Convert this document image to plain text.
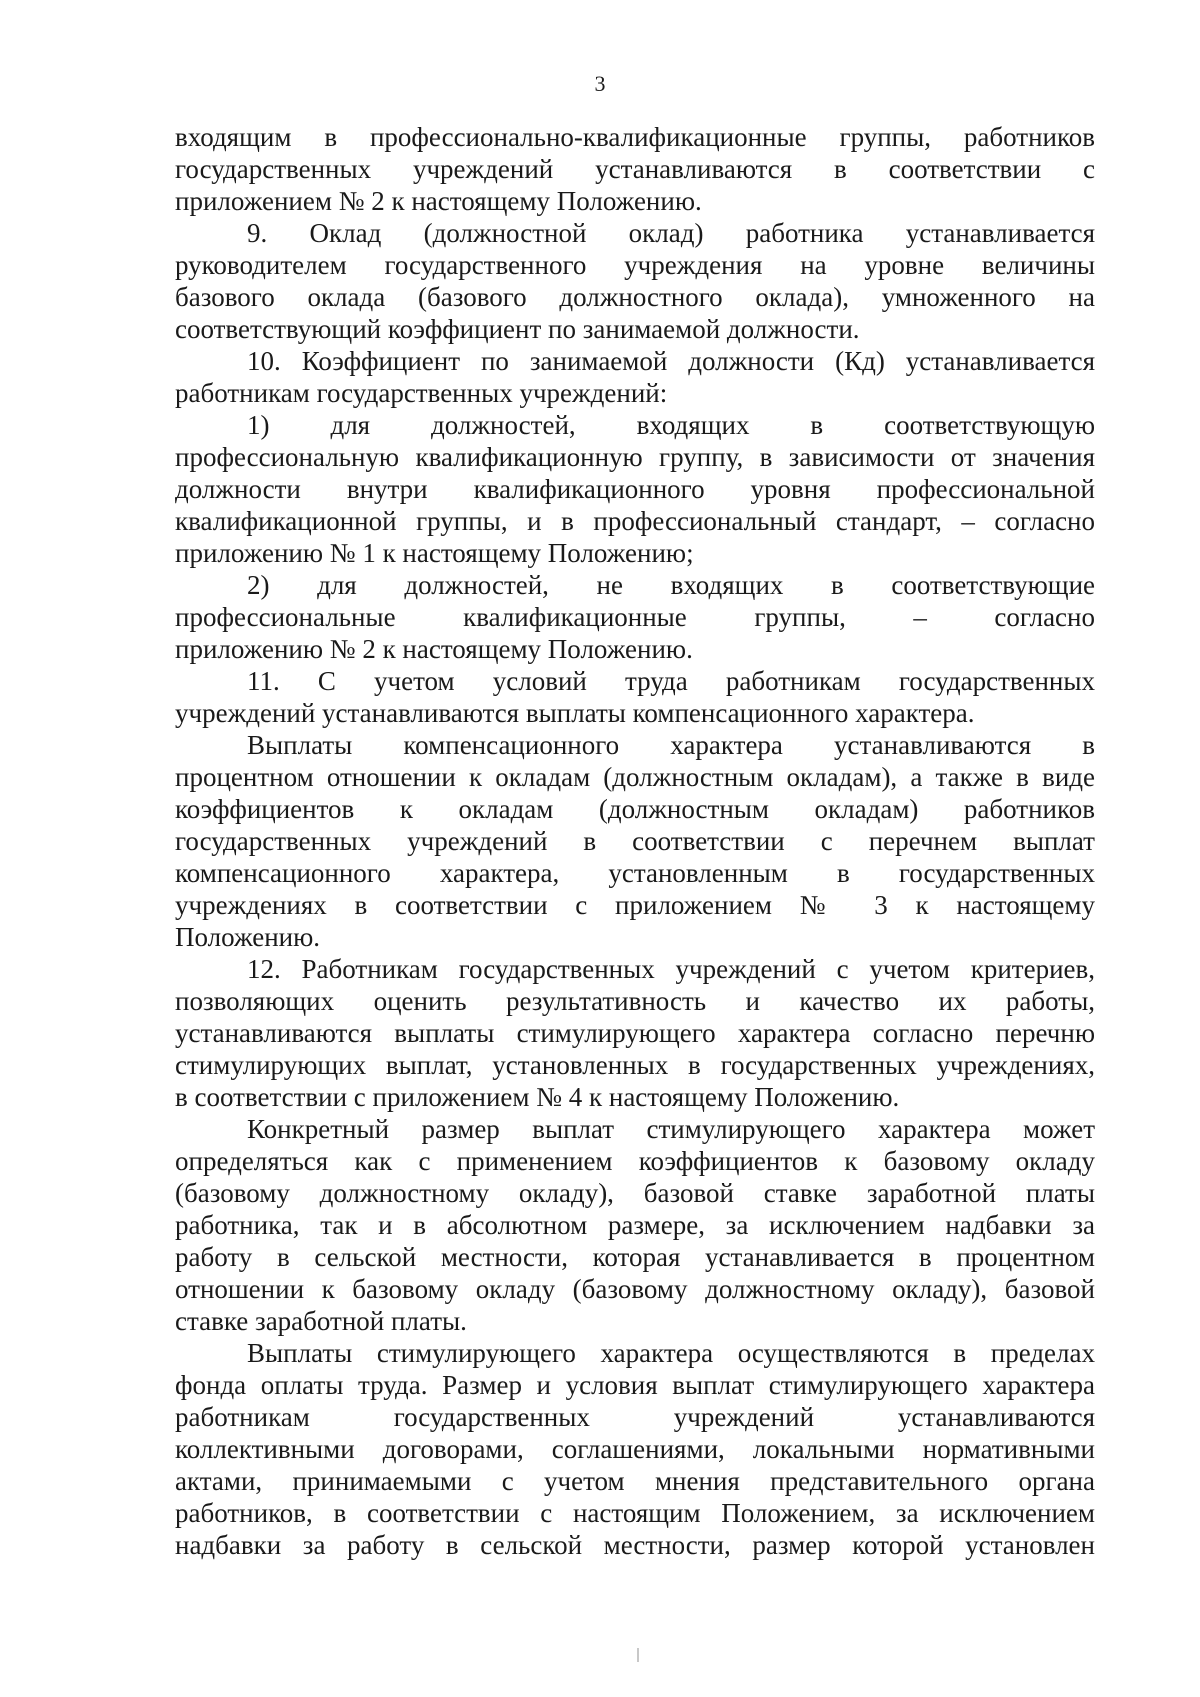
3
входящим в профессионально-квалификационные группы, работников
государственных учреждений устанавливаются в соответствии с
приложением № 2 к настоящему Положению.
9. Оклад (должностной оклад) работника устанавливается
руководителем государственного учреждения на уровне величины
базового оклада (базового должностного оклада), умноженного на
соответствующий коэффициент по занимаемой должности.
10. Коэффициент по занимаемой должности (Кд) устанавливается
работникам государственных учреждений:
1) для должностей, входящих в соответствующую
профессиональную квалификационную группу, в зависимости от значения
должности внутри квалификационного уровня профессиональной
квалификационной группы, и в профессиональный стандарт, – согласно
приложению № 1 к настоящему Положению;
2) для должностей, не входящих в соответствующие
профессиональные квалификационные группы, – согласно
приложению № 2 к настоящему Положению.
11. С учетом условий труда работникам государственных
учреждений устанавливаются выплаты компенсационного характера.
Выплаты компенсационного характера устанавливаются в
процентном отношении к окладам (должностным окладам), а также в виде
коэффициентов к окладам (должностным окладам) работников
государственных учреждений в соответствии с перечнем выплат
компенсационного характера, установленным в государственных
учреждениях в соответствии с приложением № 3 к настоящему
Положению.
12. Работникам государственных учреждений с учетом критериев,
позволяющих оценить результативность и качество их работы,
устанавливаются выплаты стимулирующего характера согласно перечню
стимулирующих выплат, установленных в государственных учреждениях,
в соответствии с приложением № 4 к настоящему Положению.
Конкретный размер выплат стимулирующего характера может
определяться как с применением коэффициентов к базовому окладу
(базовому должностному окладу), базовой ставке заработной платы
работника, так и в абсолютном размере, за исключением надбавки за
работу в сельской местности, которая устанавливается в процентном
отношении к базовому окладу (базовому должностному окладу), базовой
ставке заработной платы.
Выплаты стимулирующего характера осуществляются в пределах
фонда оплаты труда. Размер и условия выплат стимулирующего характера
работникам государственных учреждений устанавливаются
коллективными договорами, соглашениями, локальными нормативными
актами, принимаемыми с учетом мнения представительного органа
работников, в соответствии с настоящим Положением, за исключением
надбавки за работу в сельской местности, размер которой установлен
